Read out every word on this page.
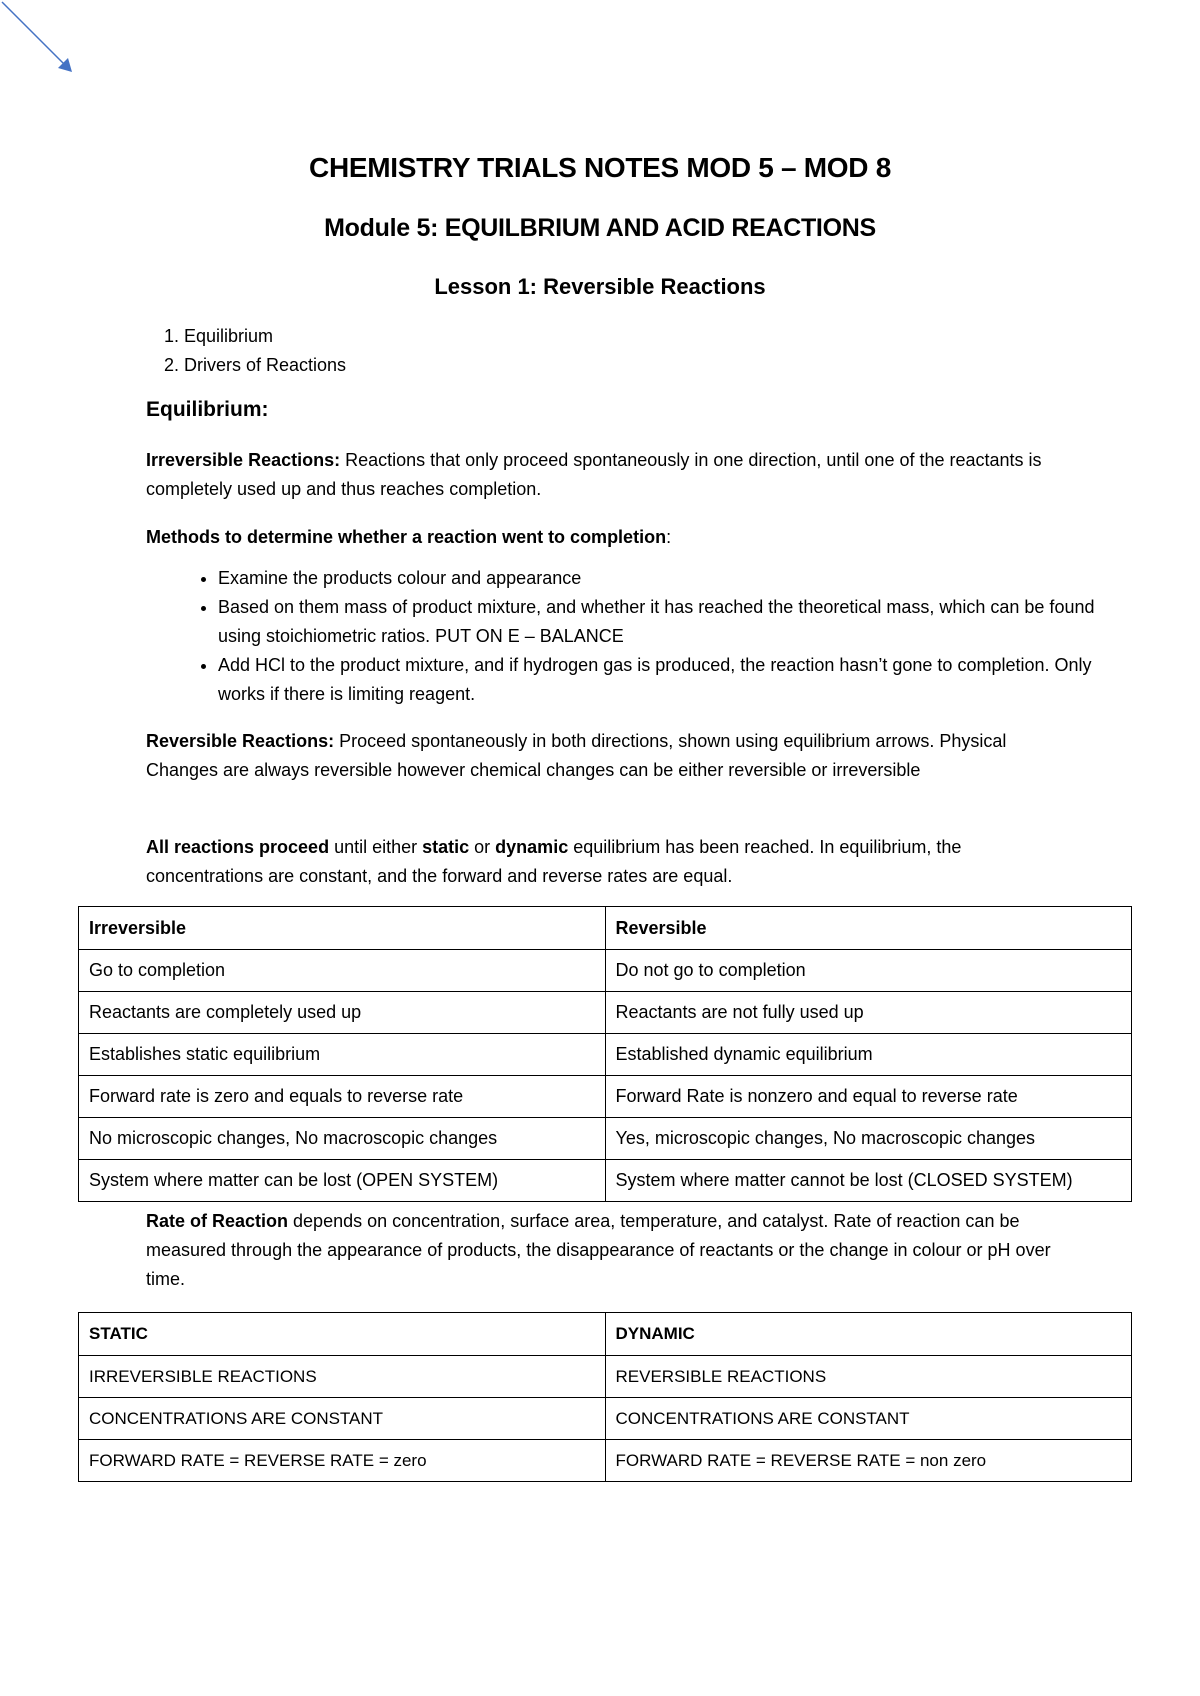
CHEMISTRY TRIALS NOTES MOD 5 – MOD 8
Module 5: EQUILBRIUM AND ACID REACTIONS
Lesson 1: Reversible Reactions
1. Equilibrium
2. Drivers of Reactions
Equilibrium:

Irreversible Reactions: Reactions that only proceed spontaneously in one direction, until one of the reactants is completely used up and thus reaches completion.

Methods to determine whether a reaction went to completion:

• Examine the products colour and appearance
• Based on them mass of product mixture, and whether it has reached the theoretical mass, which can be found using stoichiometric ratios. PUT ON E – BALANCE
• Add HCl to the product mixture, and if hydrogen gas is produced, the reaction hasn’t gone to completion. Only works if there is limiting reagent.

Reversible Reactions: Proceed spontaneously in both directions, shown using equilibrium arrows. Physical Changes are always reversible however chemical changes can be either reversible or irreversible

All reactions proceed until either static or dynamic equilibrium has been reached. In equilibrium, the concentrations are constant, and the forward and reverse rates are equal.

Irreversible	Reversible
Go to completion	Do not go to completion
Reactants are completely used up	Reactants are not fully used up
Establishes static equilibrium	Established dynamic equilibrium
Forward rate is zero and equals to reverse rate	Forward Rate is nonzero and equal to reverse rate
No microscopic changes, No macroscopic changes	Yes, microscopic changes, No macroscopic changes
System where matter can be lost (OPEN SYSTEM)	System where matter cannot be lost (CLOSED SYSTEM)

Rate of Reaction depends on concentration, surface area, temperature, and catalyst. Rate of reaction can be measured through the appearance of products, the disappearance of reactants or the change in colour or pH over time.

STATIC	DYNAMIC
IRREVERSIBLE REACTIONS	REVERSIBLE REACTIONS
CONCENTRATIONS ARE CONSTANT	CONCENTRATIONS ARE CONSTANT
FORWARD RATE = REVERSE RATE = zero	FORWARD RATE = REVERSE RATE = non zero
